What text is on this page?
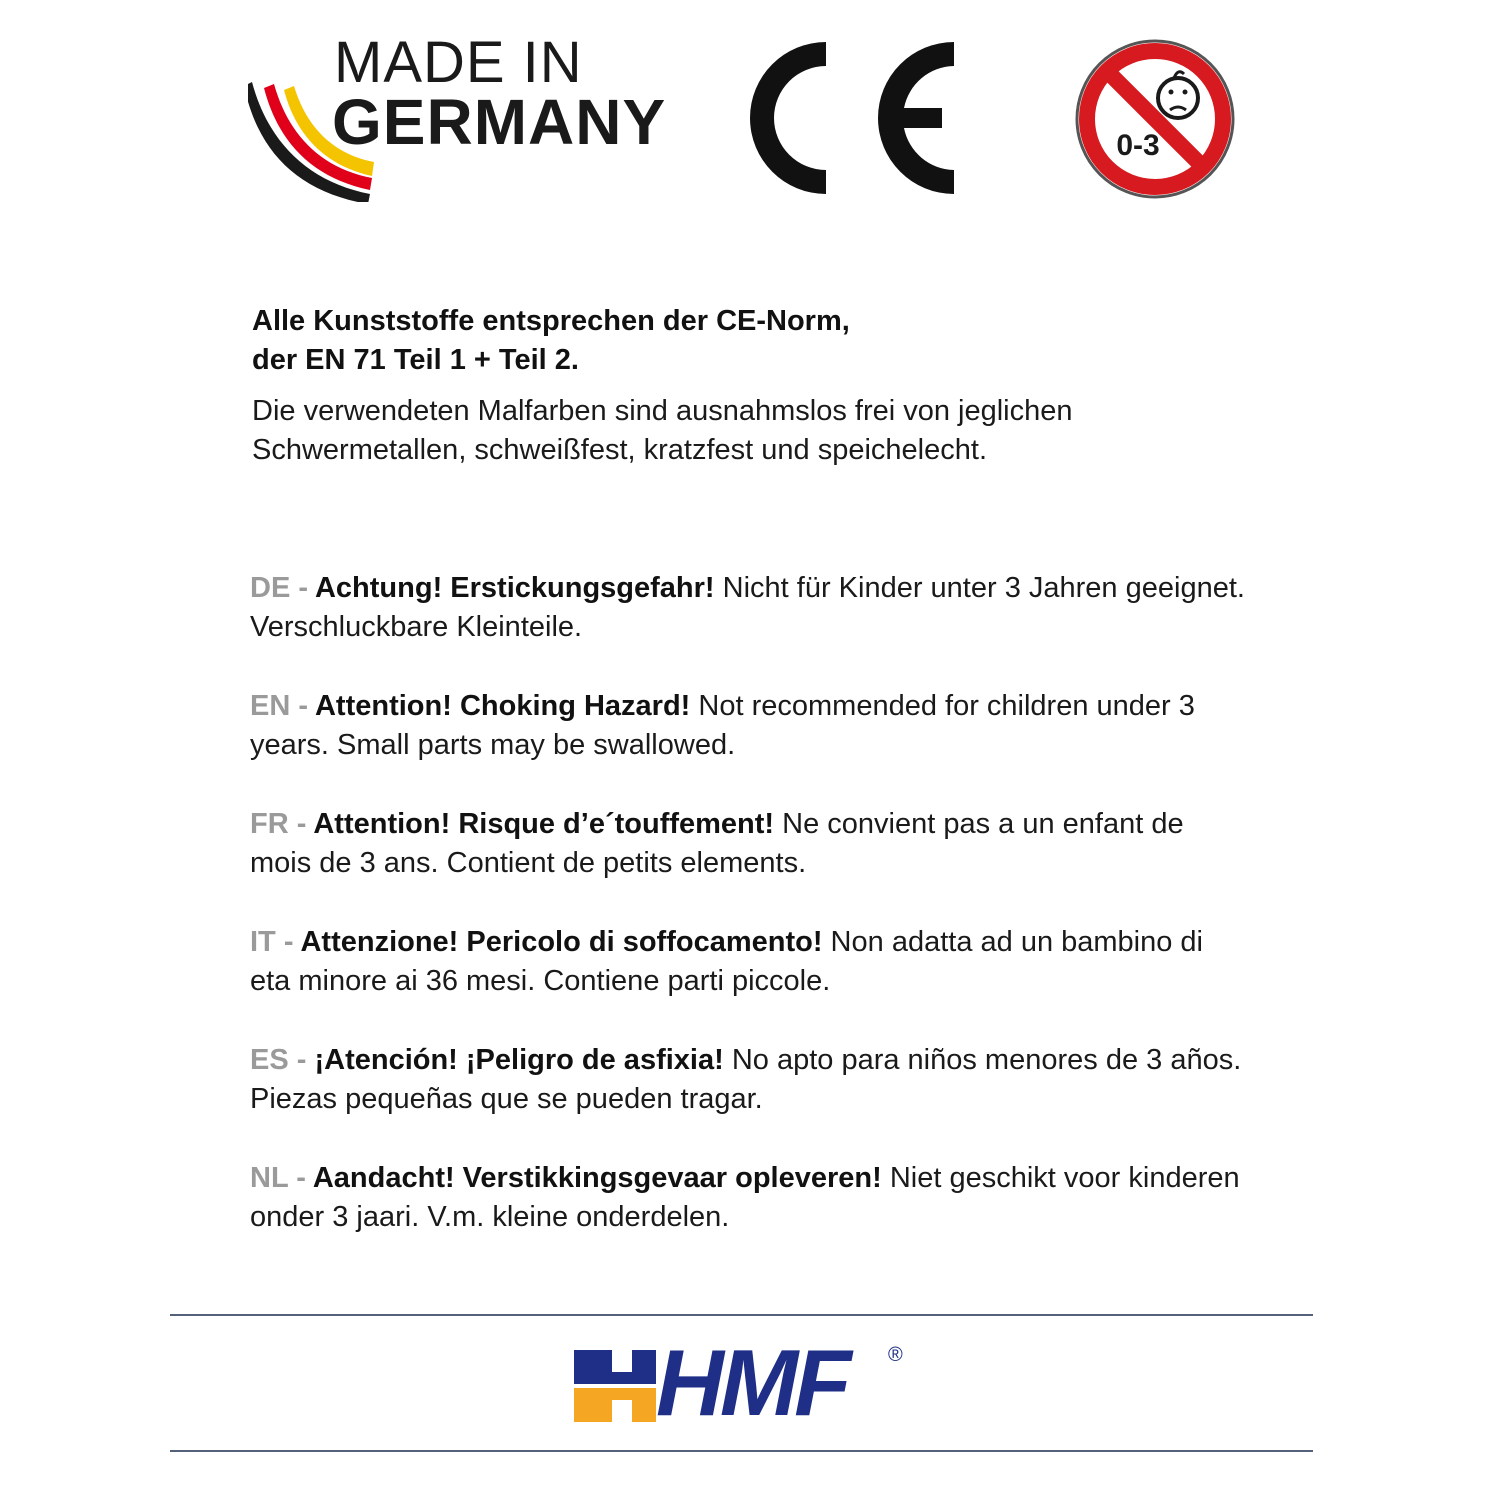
MADE IN
GERMANY	0-3

Alle Kunststoffe entsprechen der CE-Norm,
der EN 71 Teil 1 + Teil 2.

Die verwendeten Malfarben sind ausnahmslos frei von jeglichen
Schwermetallen, schweißfest, kratzfest und speichelecht.

DE - Achtung! Erstickungsgefahr! Nicht für Kinder unter 3 Jahren geeignet. Verschluckbare Kleinteile.

EN - Attention! Choking Hazard! Not recommended for children under 3 years. Small parts may be swallowed.

FR - Attention! Risque d’e´touffement! Ne convient pas a un enfant de mois de 3 ans. Contient de petits elements.

IT - Attenzione! Pericolo di soffocamento! Non adatta ad un bambino di eta minore ai 36 mesi. Contiene parti piccole.

ES - ¡Atención! ¡Peligro de asfixia! No apto para niños menores de 3 años. Piezas pequeñas que se pueden tragar.

NL - Aandacht! Verstikkingsgevaar opleveren! Niet geschikt voor kinderen onder 3 jaari. V.m. kleine onderdelen.

HMF ®
